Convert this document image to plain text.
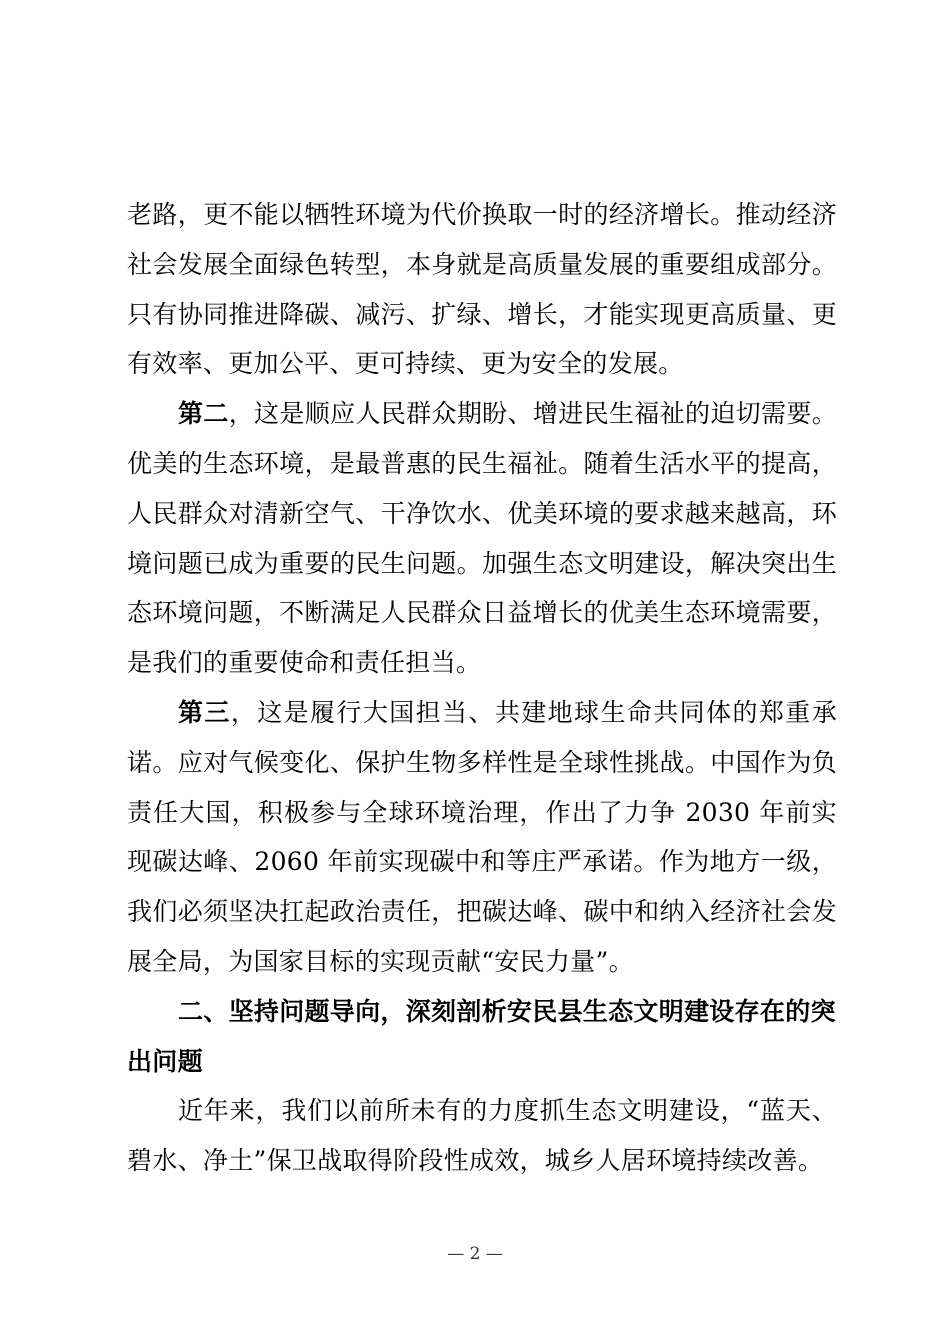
老路，更不能以牺牲环境为代价换取一时的经济增长。推动经济社会发展全面绿色转型，本身就是高质量发展的重要组成部分。只有协同推进降碳、减污、扩绿、增长，才能实现更高质量、更有效率、更加公平、更可持续、更为安全的发展。

第二，这是顺应人民群众期盼、增进民生福祉的迫切需要。优美的生态环境，是最普惠的民生福祉。随着生活水平的提高，人民群众对清新空气、干净饮水、优美环境的要求越来越高，环境问题已成为重要的民生问题。加强生态文明建设，解决突出生态环境问题，不断满足人民群众日益增长的优美生态环境需要，是我们的重要使命和责任担当。

第三，这是履行大国担当、共建地球生命共同体的郑重承诺。应对气候变化、保护生物多样性是全球性挑战。中国作为负责任大国，积极参与全球环境治理，作出了力争 2030 年前实现碳达峰、2060 年前实现碳中和等庄严承诺。作为地方一级，我们必须坚决扛起政治责任，把碳达峰、碳中和纳入经济社会发展全局，为国家目标的实现贡献“安民力量”。

二、坚持问题导向，深刻剖析安民县生态文明建设存在的突出问题

近年来，我们以前所未有的力度抓生态文明建设，“蓝天、碧水、净土”保卫战取得阶段性成效，城乡人居环境持续改善。

— 2 —
